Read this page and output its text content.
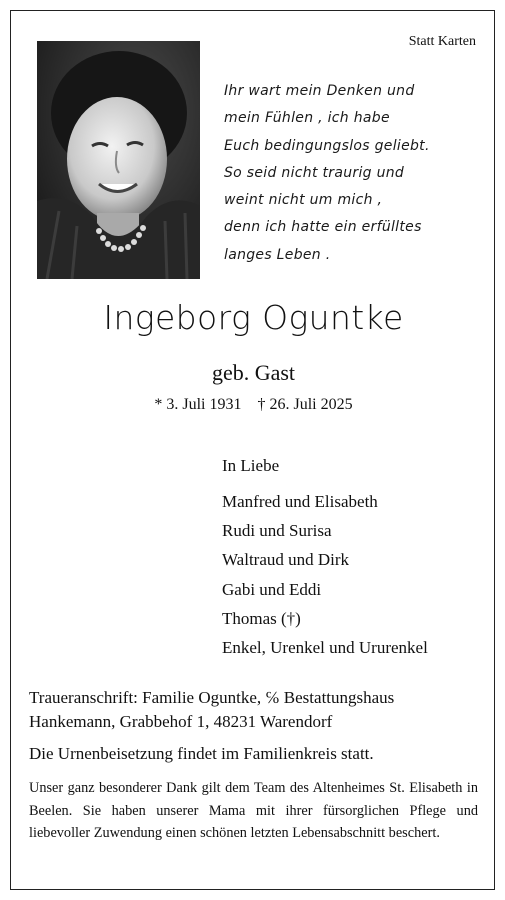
Statt Karten
Ihr wart mein Denken und
mein Fühlen , ich habe
Euch bedingungslos geliebt.
So seid nicht traurig und
weint nicht um mich ,
denn ich hatte ein erfülltes
langes Leben .
Ingeborg Oguntke
geb. Gast
* 3. Juli 1931 † 26. Juli 2025
In Liebe
Manfred und Elisabeth
Rudi und Surisa
Waltraud und Dirk
Gabi und Eddi
Thomas (†)
Enkel, Urenkel und Ururenkel
Traueranschrift: Familie Oguntke, ℅ Bestattungshaus Hankemann, Grabbehof 1, 48231 Warendorf
Die Urnenbeisetzung findet im Familienkreis statt.
Unser ganz besonderer Dank gilt dem Team des Altenheimes St. Elisabeth in Beelen. Sie haben unserer Mama mit ihrer fürsorglichen Pflege und liebevoller Zuwendung einen schönen letzten Lebensabschnitt beschert.
